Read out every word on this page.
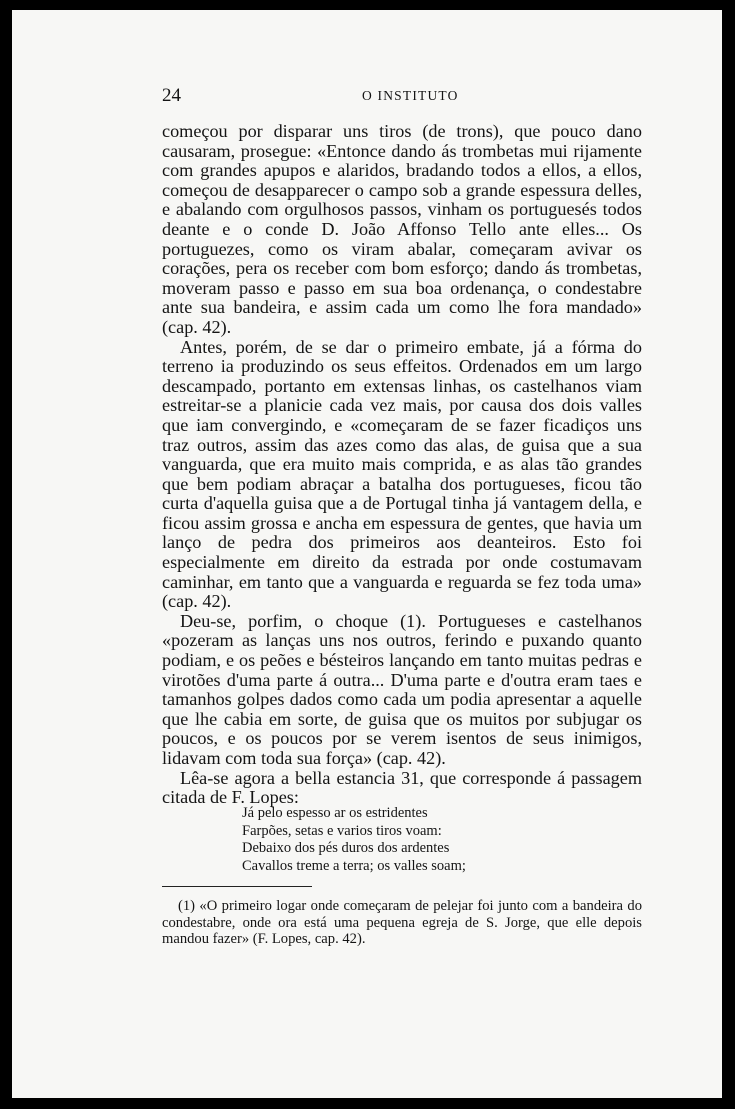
24	O INSTITUTO

começou por disparar uns tiros (de trons), que pouco dano causaram, prosegue: «Entonce dando ás trombetas mui rijamente com grandes apupos e alaridos, bradando todos a ellos, a ellos, começou de desapparecer o campo sob a grande espessura delles, e abalando com orgulhosos passos, vinham os portuguesés todos deante e o conde D. João Affonso Tello ante elles... Os portuguezes, como os viram abalar, começaram avivar os corações, pera os receber com bom esforço; dando ás trombetas, moveram passo e passo em sua boa ordenança, o condestabre ante sua bandeira, e assim cada um como lhe fora mandado» (cap. 42).

Antes, porém, de se dar o primeiro embate, já a fórma do terreno ia produzindo os seus effeitos. Ordenados em um largo descampado, portanto em extensas linhas, os castelhanos viam estreitar-se a planicie cada vez mais, por causa dos dois valles que iam convergindo, e «começaram de se fazer ficadiços uns traz outros, assim das azes como das alas, de guisa que a sua vanguarda, que era muito mais comprida, e as alas tão grandes que bem podiam abraçar a batalha dos portugueses, ficou tão curta d'aquella guisa que a de Portugal tinha já vantagem della, e ficou assim grossa e ancha em espessura de gentes, que havia um lanço de pedra dos primeiros aos deanteiros. Esto foi especialmente em direito da estrada por onde costumavam caminhar, em tanto que a vanguarda e reguarda se fez toda uma» (cap. 42).

Deu-se, porfim, o choque (1). Portugueses e castelhanos «pozeram as lanças uns nos outros, ferindo e puxando quanto podiam, e os peões e bésteiros lançando em tanto muitas pedras e virotões d'uma parte á outra... D'uma parte e d'outra eram taes e tamanhos golpes dados como cada um podia apresentar a aquelle que lhe cabia em sorte, de guisa que os muitos por subjugar os poucos, e os poucos por se verem isentos de seus inimigos, lidavam com toda sua força» (cap. 42).

Lêa-se agora a bella estancia 31, que corresponde á passagem citada de F. Lopes:

Já pelo espesso ar os estridentes
Farpões, setas e varios tiros voam:
Debaixo dos pés duros dos ardentes
Cavallos treme a terra; os valles soam;

(1) «O primeiro logar onde começaram de pelejar foi junto com a bandeira do condestabre, onde ora está uma pequena egreja de S. Jorge, que elle depois mandou fazer» (F. Lopes, cap. 42).
